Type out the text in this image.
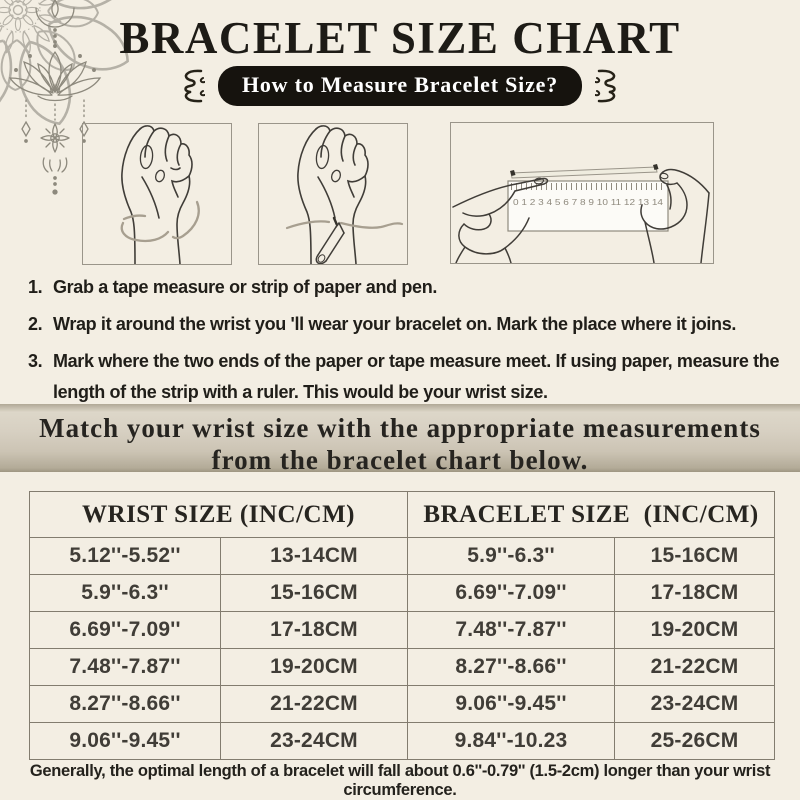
BRACELET SIZE CHART
How to Measure Bracelet Size?
0 1 2 3 4 5 6 7 8 9 10 11 12 13 14
1. Grab a tape measure or strip of paper and pen.
2. Wrap it around the wrist you 'll wear your bracelet on. Mark the place where it joins.
3. Mark where the two ends of the paper or tape measure meet. If using paper, measure the length of the strip with a ruler. This would be your wrist size.
Match your wrist size with the appropriate measurements
from the bracelet chart below.
WRIST SIZE (INC/CM)		BRACELET SIZE  (INC/CM)	
5.12''-5.52''	13-14CM	5.9''-6.3''	15-16CM
5.9''-6.3''	15-16CM	6.69''-7.09''	17-18CM
6.69''-7.09''	17-18CM	7.48''-7.87''	19-20CM
7.48''-7.87''	19-20CM	8.27''-8.66''	21-22CM
8.27''-8.66''	21-22CM	9.06''-9.45''	23-24CM
9.06''-9.45''	23-24CM	9.84''-10.23	25-26CM
Generally, the optimal length of a bracelet will fall about 0.6''-0.79'' (1.5-2cm) longer than your wrist circumference.
